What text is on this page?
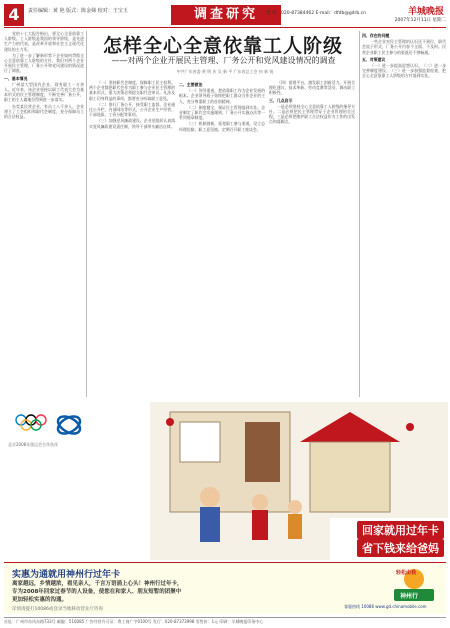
4	责任编辑：黄 艳 版式：陈金娣 校对：王宝玉	调查研究	电 话：020-87384462 E-mail：dfdb@gdrb.cn	羊城晚报
2007年12月11日 星期二
怎样全心全意依靠工人阶级
——对两个企业开展民主管理、厂务公开和党风建设情况的调查
中共广东省委 黄 明 庆 吴 新 平 广东省总工会 何 新 锐

党的十七大报告指出，要全心全意依靠工人阶级。工人阶级是我国的领导阶级，是先进生产力的代表，是改革开放和社会主义现代化建设的主力军。

为了进一步了解新形势下企业如何贯彻全心全意依靠工人阶级的方针，我们对两个企业开展民主管理、厂务公开和党风建设的情况进行了调查。

一、基本情况

广州某大型国有企业，现有职工一万余人。近年来，该企业坚持以职工代表大会为基本形式的民主管理制度，不断完善厂务公开，职工的主人翁地位得到进一步落实。

东莞某民营企业，有员工八千余人，企业建立了工会组织和职代会制度，充分保障员工的合法权益。

（一）坚持职代会制度，保障职工民主权利。两个企业都把职代会作为职工参与企业民主管理的基本形式，重大决策必须提交职代会审议。凡涉及职工切身利益的事项，都要充分听取职工意见。

（二）推行厂务公开，接受职工监督。企业通过公开栏、内部网站等形式，公开企业生产经营、干部选拔、工资分配等事项。

（三）加强党风廉政建设。企业党组织认真落实党风廉政建设责任制，领导干部带头廉洁自律。

二、主要做法

（一）领导重视，把依靠职工作为企业发展的根本。企业领导班子始终把职工群众当作企业的主人，充分尊重职工的首创精神。

（二）制度健全，保证民主管理落到实处。企业制定了职代会实施细则、厂务公开实施办法等一系列规章制度。

（三）机制创新，拓宽职工参与渠道。设立总经理信箱、职工意见箱，定期召开职工座谈会。

（四）搭建平台，激发职工创新活力。开展合理化建议、技术革新、劳动竞赛等活动，调动职工积极性。

三、几点启示

一是必须坚持全心全意依靠工人阶级的指导方针。二是必须把民主管理贯穿于企业管理的全过程。三是必须把维护职工合法权益作为工作的出发点和落脚点。

四、存在的问题

一些企业对民主管理的认识还不到位，职代会流于形式，厂务公开内容不全面、不及时。民营企业职工民主参与的渠道还不够畅通。

五、对策建议

（一）进一步提高思想认识。（二）进一步完善制度建设。（三）进一步加强监督检查，把全心全意依靠工人阶级的方针落到实处。

北京2008年奥运会合作伙伴
回家就用过年卡
省下钱来给爸妈
实惠为通就用神州行过年卡
离家越远，乡情越浓，看见亲人，千言万语涌上心头！神州行过年卡，
专为2008年回家过春节的人设备，使您在和家人、朋友短暂的团聚中
更加轻松实惠的沟通。
详情请拨打10086或登录当地移动营业厅咨询
神州行
轻松由我
客服热线 10086 www.gd.chinamobile.com
社址：广州市东风东路733号 邮编：510085 广告经营许可证：粤工商广字0100号 发行：020-87373998 零售价：1元 印刷：羊城晚报印务中心
